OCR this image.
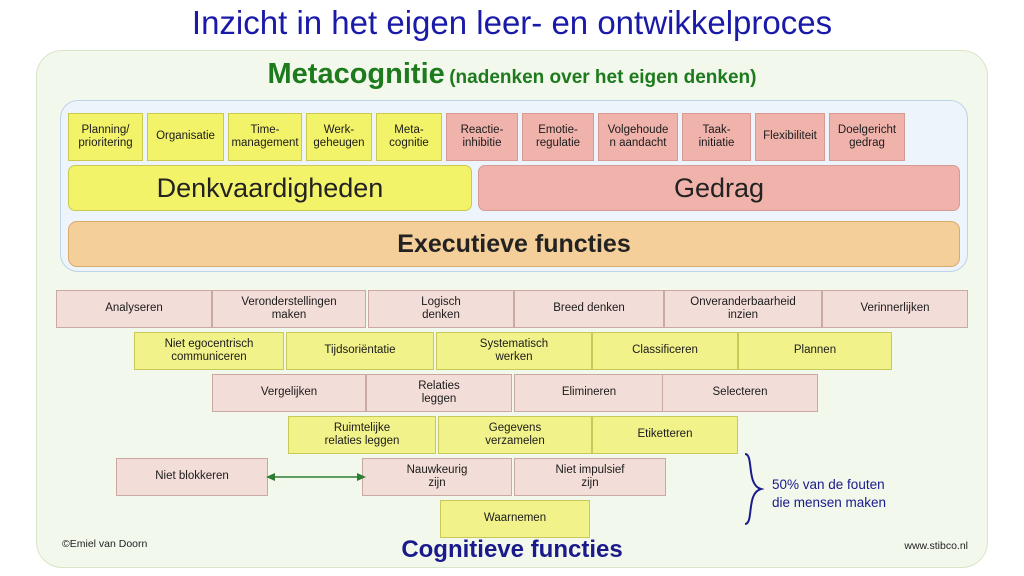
Inzicht in het eigen leer- en ontwikkelproces
Metacognitie (nadenken over het eigen denken)
Planning/
prioritering
Organisatie
Time-
management
Werk-
geheugen
Meta-
cognitie
Reactie-
inhibitie
Emotie-
regulatie
Volgehoude
n aandacht
Taak-
initiatie
Flexibiliteit
Doelgericht
gedrag
Denkvaardigheden	Gedrag
Executieve functies
Analyseren
Veronderstellingen
maken
Logisch
denken
Breed denken
Onveranderbaarheid
inzien
Verinnerlijken
Niet egocentrisch
communiceren
Tijdsoriëntatie
Systematisch
werken
Classificeren	Plannen
Vergelijken
Relaties
leggen
Elimineren	Selecteren
Ruimtelijke
relaties leggen
Gegevens
verzamelen
Etiketteren
Niet blokkeren
Nauwkeurig
zijn
Niet impulsief
zijn
Waarnemen
50% van de fouten
die mensen maken
Cognitieve functies
©Emiel van Doorn	www.stibco.nl
